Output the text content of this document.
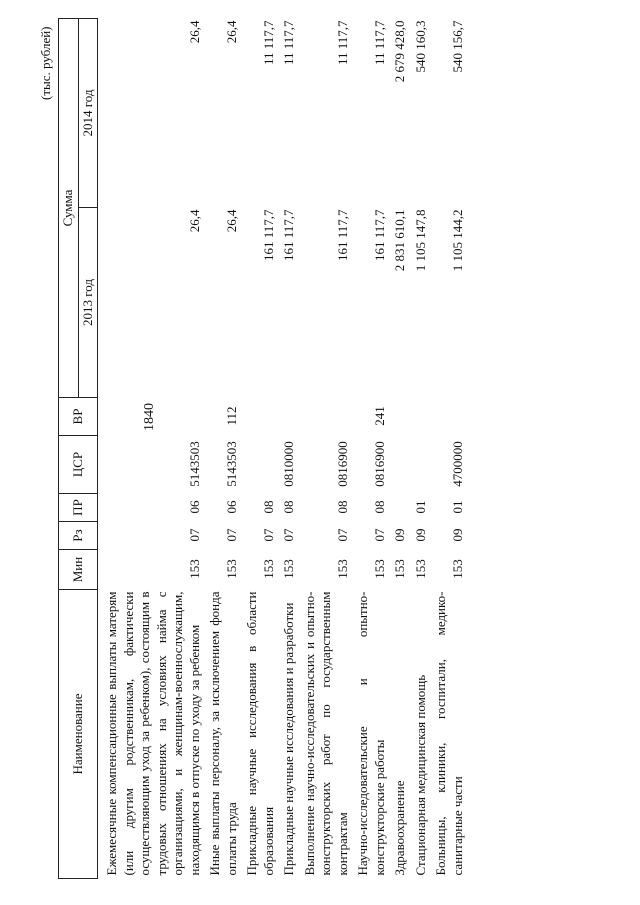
1840
(тыс. рублей)
Наименование	Мин	Рз	ПР	ЦСР	ВР	Сумма	
						2013 год	2014 год

Ежемесячные компенсационные выплаты матерям (или другим родственникам, фактически осуществляющим уход за ребенком), состоящим в трудовых отношениях на условиях найма с организациями, и женщинам-военнослужащим, находящимся в отпуске по уходу за ребенком	153	07	06	5143503		26,4	26,4
Иные выплаты персоналу, за исключением фонда оплаты труда	153	07	06	5143503	112	26,4	26,4
Прикладные научные исследования в области образования	153	07	08			161 117,7	11 117,7
Прикладные научные исследования и разработки	153	07	08	0810000		161 117,7	11 117,7
Выполнение научно-исследовательских и опытно-конструкторских работ по государственным контрактам	153	07	08	0816900		161 117,7	11 117,7
Научно-исследовательские и опытно-конструкторские работы	153	07	08	0816900	241	161 117,7	11 117,7
Здравоохранение	153	09				2 831 610,1	2 679 428,0
Стационарная медицинская помощь	153	09	01			1 105 147,8	540 160,3
Больницы, клиники, госпитали, медико-санитарные части	153	09	01	4700000		1 105 144,2	540 156,7
